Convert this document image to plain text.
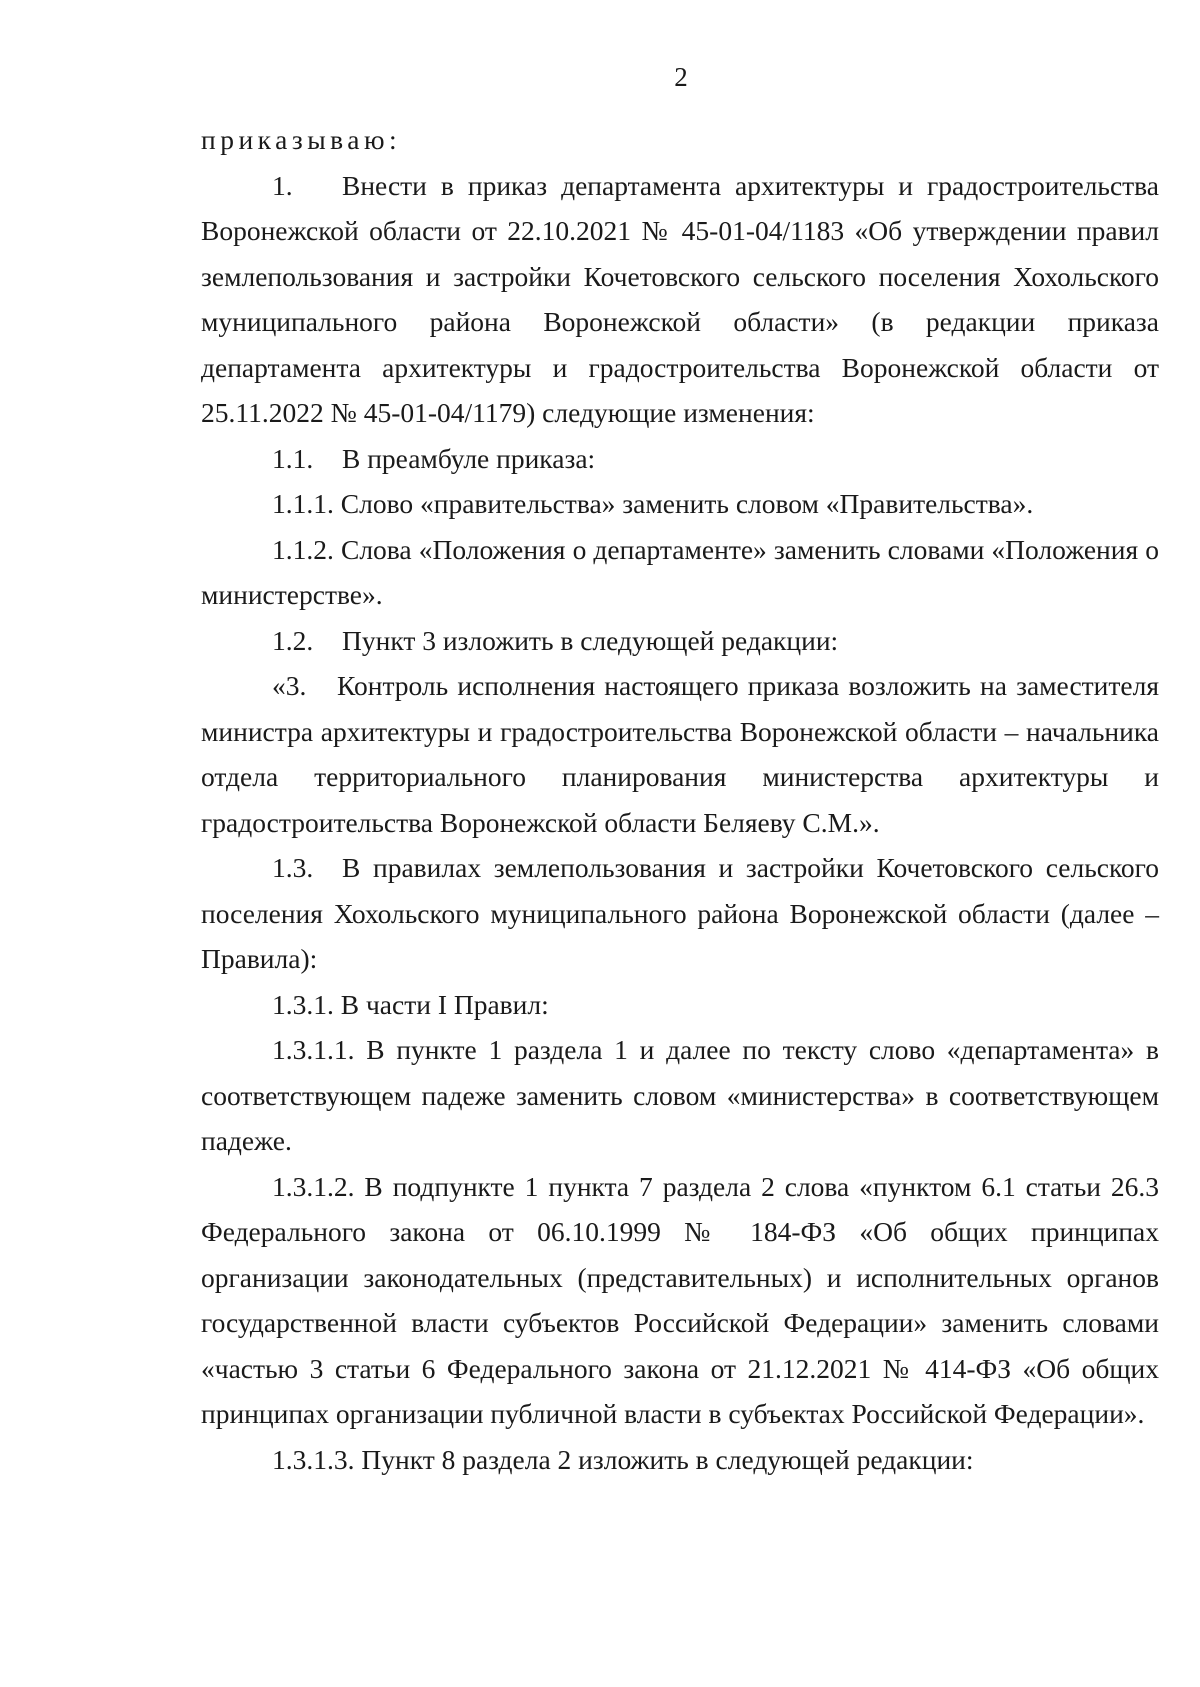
2

приказываю:

1. Внести в приказ департамента архитектуры и градостроительства Воронежской области от 22.10.2021 № 45-01-04/1183 «Об утверждении правил землепользования и застройки Кочетовского сельского поселения Хохольского муниципального района Воронежской области» (в редакции приказа департамента архитектуры и градостроительства Воронежской области от 25.11.2022 № 45-01-04/1179) следующие изменения:

1.1. В преамбуле приказа:

1.1.1. Слово «правительства» заменить словом «Правительства».

1.1.2. Слова «Положения о департаменте» заменить словами «Положения о министерстве».

1.2. Пункт 3 изложить в следующей редакции:

«3. Контроль исполнения настоящего приказа возложить на заместителя министра архитектуры и градостроительства Воронежской области – начальника отдела территориального планирования министерства архитектуры и градостроительства Воронежской области Беляеву С.М.».

1.3. В правилах землепользования и застройки Кочетовского сельского поселения Хохольского муниципального района Воронежской области (далее – Правила):

1.3.1. В части I Правил:

1.3.1.1. В пункте 1 раздела 1 и далее по тексту слово «департамента» в соответствующем падеже заменить словом «министерства» в соответствующем падеже.

1.3.1.2. В подпункте 1 пункта 7 раздела 2 слова «пунктом 6.1 статьи 26.3 Федерального закона от 06.10.1999 № 184-ФЗ «Об общих принципах организации законодательных (представительных) и исполнительных органов государственной власти субъектов Российской Федерации» заменить словами «частью 3 статьи 6 Федерального закона от 21.12.2021 № 414-ФЗ «Об общих принципах организации публичной власти в субъектах Российской Федерации».

1.3.1.3. Пункт 8 раздела 2 изложить в следующей редакции:
